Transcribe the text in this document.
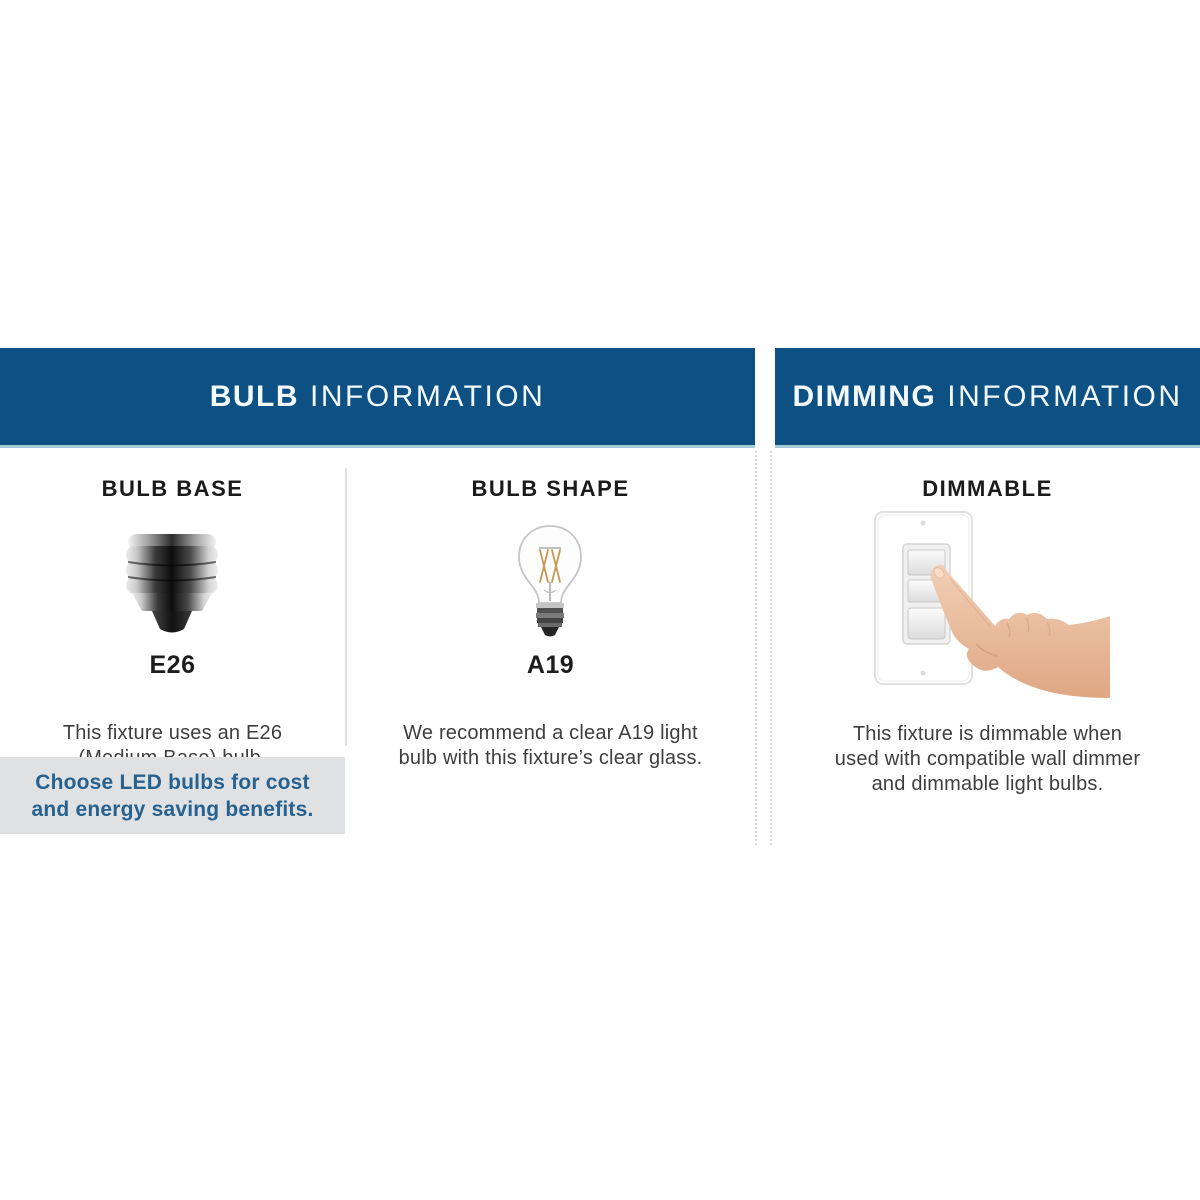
BULB INFORMATION	DIMMING INFORMATION
BULB BASE	BULB SHAPE	DIMMABLE
E26	A19

This fixture uses an E26	We recommend a clear A19 light
bulb with this fixture’s clear glass.

This fixture is dimmable when
used with compatible wall dimmer
and dimmable light bulbs.

Choose LED bulbs for cost
and energy saving benefits.
